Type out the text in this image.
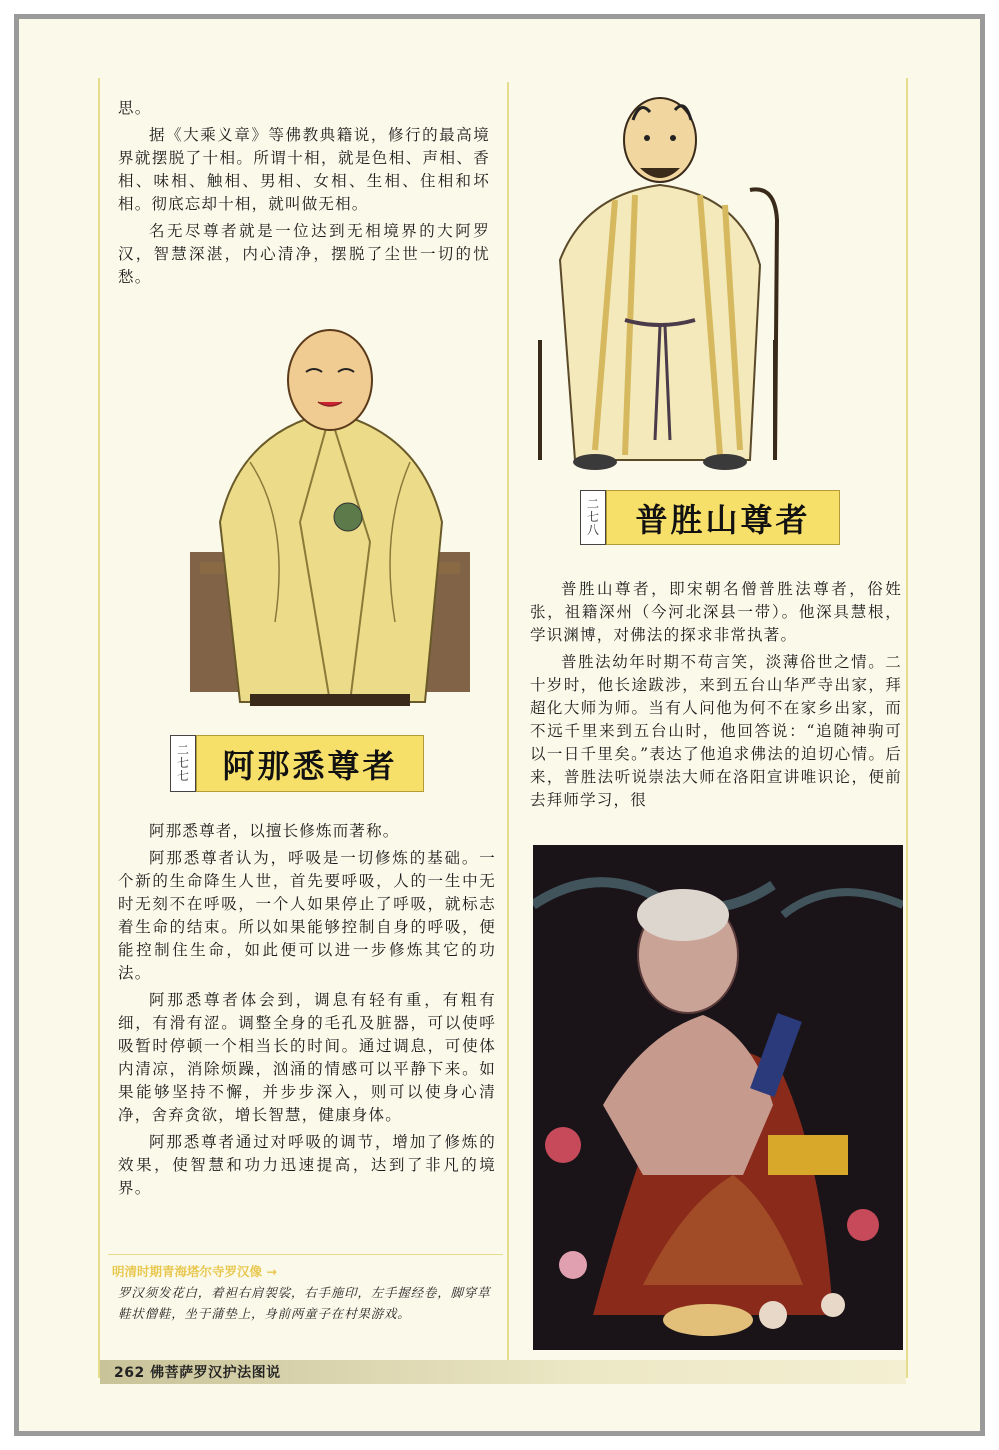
思。

据《大乘义章》等佛教典籍说，修行的最高境界就摆脱了十相。所谓十相，就是色相、声相、香相、味相、触相、男相、女相、生相、住相和坏相。彻底忘却十相，就叫做无相。

名无尽尊者就是一位达到无相境界的大阿罗汉，智慧深湛，内心清净，摆脱了尘世一切的忧愁。

二
七
七	阿那悉尊者

阿那悉尊者，以擅长修炼而著称。

阿那悉尊者认为，呼吸是一切修炼的基础。一个新的生命降生人世，首先要呼吸，人的一生中无时无刻不在呼吸，一个人如果停止了呼吸，就标志着生命的结束。所以如果能够控制自身的呼吸，便能控制住生命，如此便可以进一步修炼其它的功法。

阿那悉尊者体会到，调息有轻有重，有粗有细，有滑有涩。调整全身的毛孔及脏器，可以使呼吸暂时停顿一个相当长的时间。通过调息，可使体内清凉，消除烦躁，汹涌的情感可以平静下来。如果能够坚持不懈，并步步深入，则可以使身心清净，舍弃贪欲，增长智慧，健康身体。

阿那悉尊者通过对呼吸的调节，增加了修炼的效果，使智慧和功力迅速提高，达到了非凡的境界。

明清时期青海塔尔寺罗汉像 →
罗汉须发花白，着袒右肩袈裟，右手施印，左手握经卷，脚穿草鞋状僧鞋，坐于蒲垫上，身前两童子在村果游戏。
二
七
八	普胜山尊者

普胜山尊者，即宋朝名僧普胜法尊者，俗姓张，祖籍深州（今河北深县一带）。他深具慧根，学识渊博，对佛法的探求非常执著。

普胜法幼年时期不苟言笑，淡薄俗世之情。二十岁时，他长途跋涉，来到五台山华严寺出家，拜超化大师为师。当有人问他为何不在家乡出家，而不远千里来到五台山时，他回答说：“追随神驹可以一日千里矣。”表达了他追求佛法的迫切心情。后来，普胜法听说崇法大师在洛阳宣讲唯识论，便前去拜师学习，很

262 佛菩萨罗汉护法图说
